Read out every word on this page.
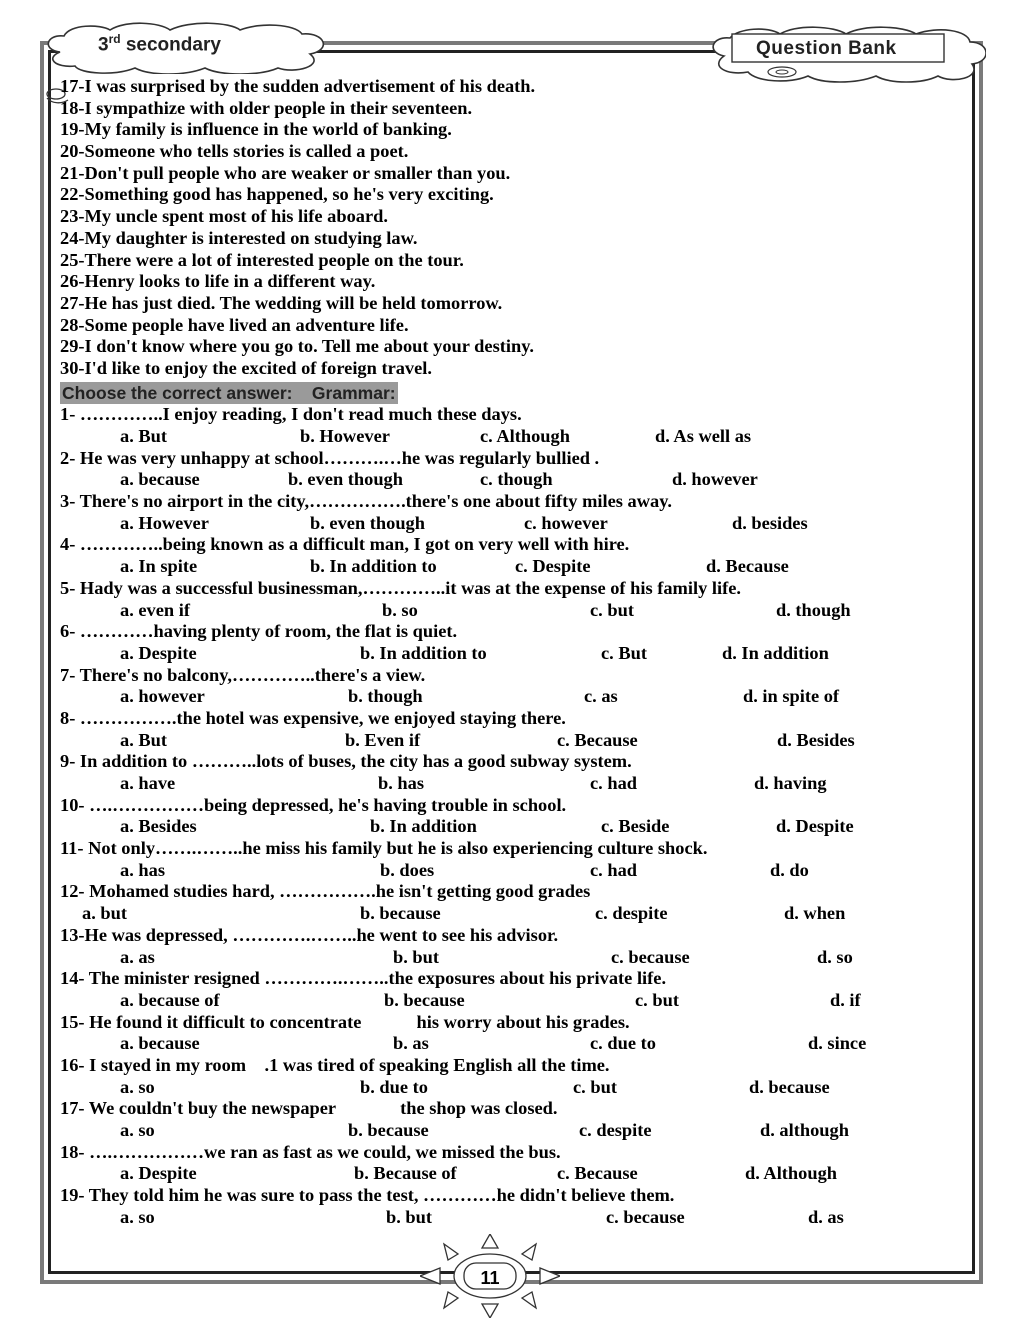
3rd secondary	Question Bank
17-I was surprised by the sudden advertisement of his death.
18-I sympathize with older people in their seventeen.
19-My family is influence in the world of banking.
20-Someone who tells stories is called a poet.
21-Don't pull people who are weaker or smaller than you.
22-Something good has happened, so he's very exciting.
23-My uncle spent most of his life aboard.
24-My daughter is interested on studying law.
25-There were a lot of interested people on the tour.
26-Henry looks to life in a different way.
27-He has just died. The wedding will be held tomorrow.
28-Some people have lived an adventure life.
29-I don't know where you go to. Tell me about your destiny.
30-I'd like to enjoy the excited of foreign travel.
Choose the correct answer:    Grammar:
1- …………..I enjoy reading, I don't read much these days.
a. But	b. However	c. Although	d. As well as
2- He was very unhappy at school……….…he was regularly bullied .
a. because	b. even though	c. though	d. however
3- There's no airport in the city,…………….there's one about fifty miles away.
a. However	b. even though	c. however	d. besides
4- …………..being known as a difficult man, I got on very well with hire.
a. In spite	b. In addition to	c. Despite	d. Because
5- Hady was a successful businessman,…………..it was at the expense of his family life.
a. even if	b. so	c. but	d. though
6- …………having plenty of room, the flat is quiet.
a. Despite	b. In addition to	c. But	d. In addition
7- There's no balcony,…………..there's a view.
a. however	b. though	c. as	d. in spite of
8- …………….the hotel was expensive, we enjoyed staying there.
a. But	b. Even if	c. Because	d. Besides
9- In addition to ………..lots of buses, the city has a good subway system.
a. have	b. has	c. had	d. having
10- ….……………being depressed, he's having trouble in school.
a. Besides	b. In addition	c. Beside	d. Despite
11- Not only…….……..he miss his family but he is also experiencing culture shock.
a. has	b. does	c. had	d. do
12- Mohamed studies hard, …………….he isn't getting good grades
a. but	b. because	c. despite	d. when
13-He was depressed, ………….……..he went to see his advisor.
a. as	b. but	c. because	d. so
14- The minister resigned ………….……..the exposures about his private life.
a. because of	b. because	c. but	d. if
15- He found it difficult to concentrate            his worry about his grades.
a. because	b. as	c. due to	d. since
16- I stayed in my room    .1 was tired of speaking English all the time.
a. so	b. due to	c. but	d. because
17- We couldn't buy the newspaper              the shop was closed.
a. so	b. because	c. despite	d. although
18- ….……………we ran as fast as we could, we missed the bus.
a. Despite	b. Because of	c. Because	d. Although
19- They told him he was sure to pass the test, …………he didn't believe them.
a. so	b. but	c. because	d. as
11
